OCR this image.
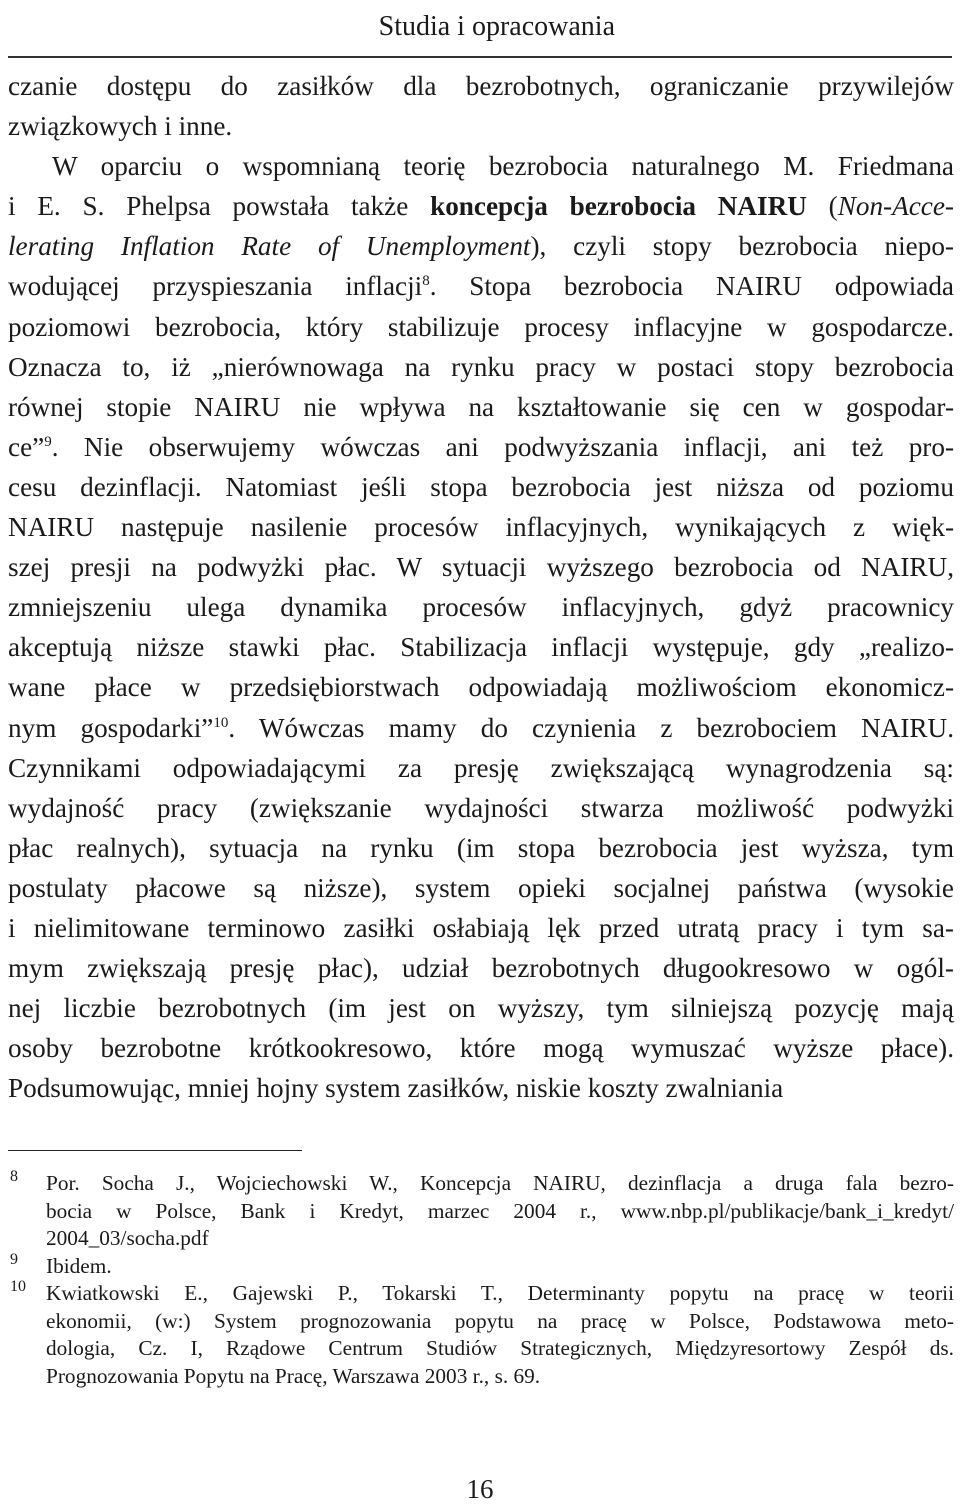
Studia i opracowania
czanie dostępu do zasiłków dla bezrobotnych, ograniczanie przywilejów
związkowych i inne.
W oparciu o wspomnianą teorię bezrobocia naturalnego M. Friedmana
i E. S. Phelpsa powstała także koncepcja bezrobocia NAIRU (Non-Acce-
lerating Inflation Rate of Unemployment), czyli stopy bezrobocia niepo-
wodującej przyspieszania inflacji$^8$. Stopa bezrobocia NAIRU odpowiada
poziomowi bezrobocia, który stabilizuje procesy inflacyjne w gospodarcze.
Oznacza to, iż „nierównowaga na rynku pracy w postaci stopy bezrobocia
równej stopie NAIRU nie wpływa na kształtowanie się cen w gospodar-
ce”$^9$. Nie obserwujemy wówczas ani podwyższania inflacji, ani też pro-
cesu dezinflacji. Natomiast jeśli stopa bezrobocia jest niższa od poziomu
NAIRU następuje nasilenie procesów inflacyjnych, wynikających z więk-
szej presji na podwyżki płac. W sytuacji wyższego bezrobocia od NAIRU,
zmniejszeniu ulega dynamika procesów inflacyjnych, gdyż pracownicy
akceptują niższe stawki płac. Stabilizacja inflacji występuje, gdy „realizo-
wane płace w przedsiębiorstwach odpowiadają możliwościom ekonomicz-
nym gospodarki”$^{10}$. Wówczas mamy do czynienia z bezrobociem NAIRU.
Czynnikami odpowiadającymi za presję zwiększającą wynagrodzenia są:
wydajność pracy (zwiększanie wydajności stwarza możliwość podwyżki
płac realnych), sytuacja na rynku (im stopa bezrobocia jest wyższa, tym
postulaty płacowe są niższe), system opieki socjalnej państwa (wysokie
i nielimitowane terminowo zasiłki osłabiają lęk przed utratą pracy i tym sa-
mym zwiększają presję płac), udział bezrobotnych długookresowo w ogól-
nej liczbie bezrobotnych (im jest on wyższy, tym silniejszą pozycję mają
osoby bezrobotne krótkookresowo, które mogą wymuszać wyższe płace).
Podsumowując, mniej hojny system zasiłków, niskie koszty zwalniania
8 Por. Socha J., Wojciechowski W., Koncepcja NAIRU, dezinflacja a druga fala bezro-
bocia w Polsce, Bank i Kredyt, marzec 2004 r., www.nbp.pl/publikacje/bank_i_kredyt/
2004_03/socha.pdf
9 Ibidem.
10 Kwiatkowski E., Gajewski P., Tokarski T., Determinanty popytu na pracę w teorii
ekonomii, (w:) System prognozowania popytu na pracę w Polsce, Podstawowa meto-
dologia, Cz. I, Rządowe Centrum Studiów Strategicznych, Międzyresortowy Zespół ds.
Prognozowania Popytu na Pracę, Warszawa 2003 r., s. 69.
16
